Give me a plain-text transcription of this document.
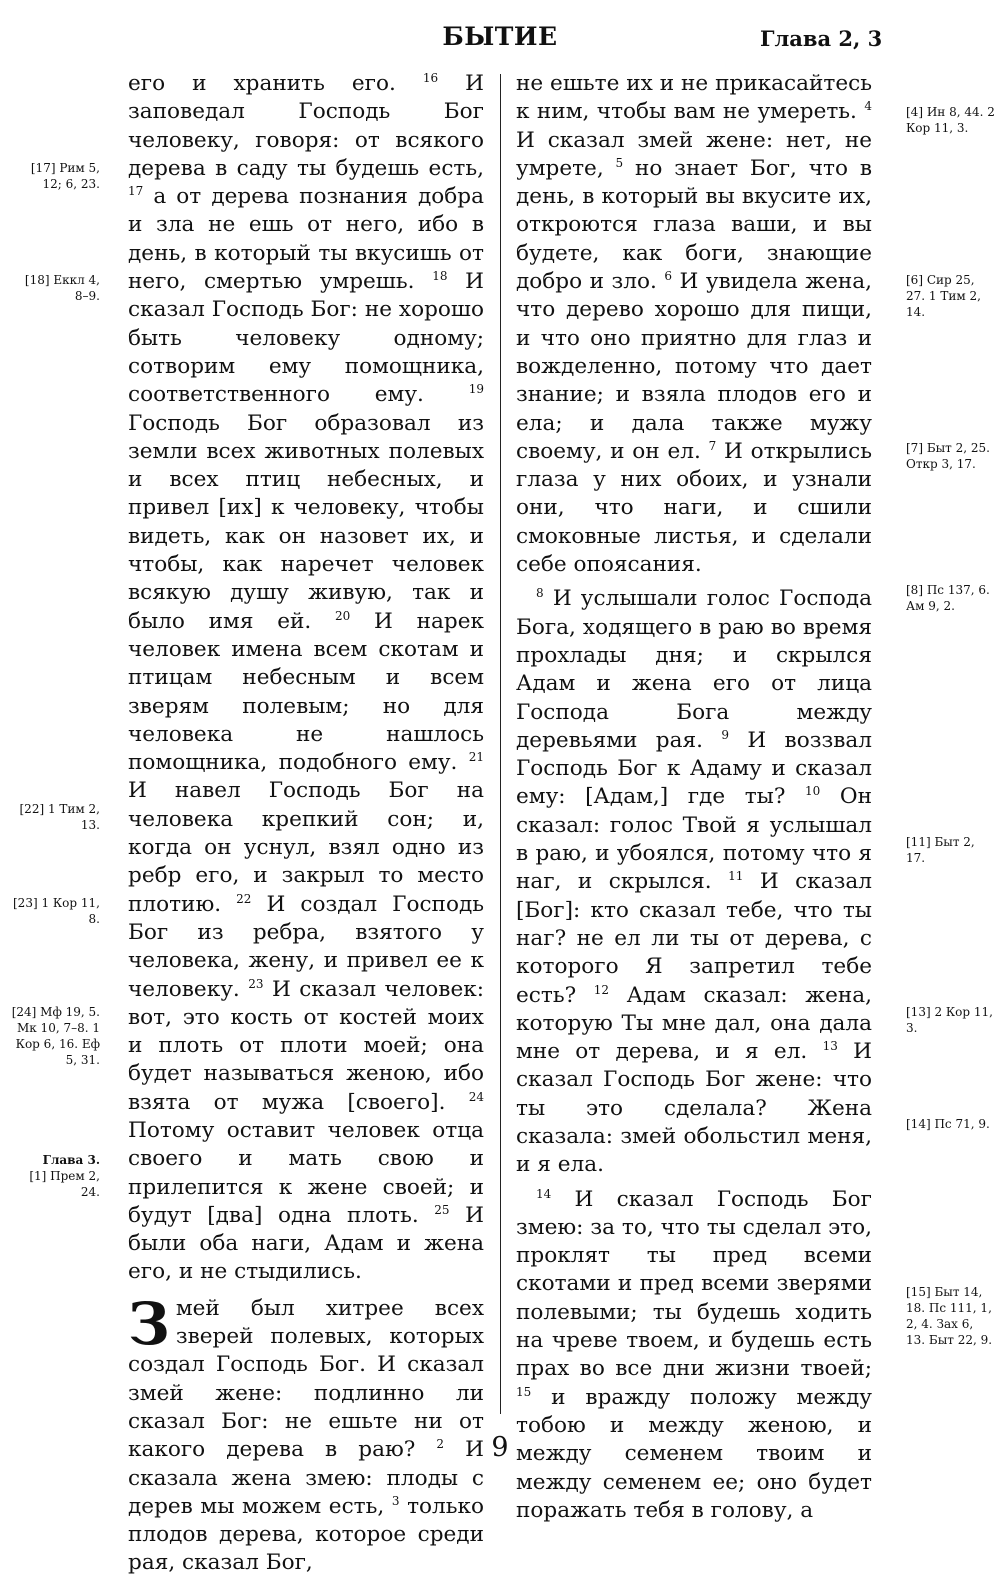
БЫТИЕ	Глава 2, 3
[17] Рим 5, 12; 6, 23.
[18] Еккл 4, 8–9.
[22] 1 Тим 2, 13.
[23] 1 Кор 11, 8.
[24] Мф 19, 5. Мк 10, 7–8. 1 Кор 6, 16. Еф 5, 31.
Глава 3.
[1] Прем 2, 24.

его и хранить его. $^{16}$ И заповедал Господь Бог человеку, говоря: от всякого дерева в саду ты будешь есть, $^{17}$ а от дерева познания добра и зла не ешь от него, ибо в день, в который ты вкусишь от него, смертью умрешь. $^{18}$ И сказал Господь Бог: не хорошо быть человеку одному; сотворим ему помощника, соответственного ему.	$^{19}$ Господь Бог образовал из земли всех животных полевых и всех птиц небесных, и привел [их] к человеку, чтобы видеть, как он назовет их, и чтобы, как наречет человек всякую душу живую, так и было имя ей. $^{20}$ И нарек человек имена всем скотам и птицам небесным и всем зверям полевым; но для человека не нашлось помощника, подобного ему. $^{21}$ И навел Господь Бог на человека крепкий сон; и, когда он уснул, взял одно из ребр его, и закрыл то место плотию. $^{22}$ И создал Господь Бог из ребра, взятого у человека, жену, и привел ее к человеку. $^{23}$ И сказал человек: вот, это кость от костей моих и плоть от плоти моей; она будет называться женою, ибо взята от мужа [своего]. $^{24}$ Потому оставит человек отца своего и мать свою и прилепится к жене своей; и будут [два] одна плоть. $^{25}$ И были оба наги, Адам и жена его, и не стыдились.

З мей был хитрее всех зверей полевых, которых создал Господь Бог. И сказал змей жене: подлинно ли сказал Бог: не ешьте ни от какого дерева в раю? $^2$ И сказала жена змею: плоды с дерев мы можем есть, $^3$ только плодов дерева, которое среди рая, сказал Бог,

не ешьте их и не прикасайтесь к ним, чтобы вам не умереть. $^4$ И сказал змей жене: нет, не умрете, $^5$ но знает Бог, что в день, в который вы вкусите их, откроются глаза ваши, и вы будете, как боги, знающие добро и зло. $^6$ И увидела жена, что дерево хорошо для пищи, и что оно приятно для глаз и вожделенно, потому что дает знание; и взяла плодов его и ела; и дала также мужу своему, и он ел. $^7$ И открылись глаза у них обоих, и узнали они, что наги, и сшили смоковные листья, и сделали себе опоясания.

$^8$ И услышали голос Господа Бога, ходящего в раю во время прохлады дня; и скрылся Адам и жена его от лица Господа Бога между деревьями рая. $^9$ И воззвал Господь Бог к Адаму и сказал ему: [Адам,] где ты? $^{10}$ Он сказал: голос Твой я услышал в раю, и убоялся, потому что я наг, и скрылся. $^{11}$ И сказал [Бог]: кто сказал тебе, что ты наг? не ел ли ты от дерева, с которого Я запретил тебе есть? $^{12}$ Адам сказал: жена, которую Ты мне дал, она дала мне от дерева, и я ел. $^{13}$ И сказал Господь Бог жене: что ты это сделала? Жена сказала: змей обольстил меня, и я ела.

$^{14}$ И сказал Господь Бог змею: за то, что ты сделал это, проклят ты пред всеми скотами и пред всеми зверями полевыми; ты будешь ходить на чреве твоем, и будешь есть прах во все дни жизни твоей; $^{15}$ и вражду положу между тобою и между женою, и между семенем твоим и между семенем ее; оно будет поражать тебя в голову, а

[4] Ин 8, 44. 2 Кор 11, 3.
[6] Сир 25, 27. 1 Тим 2, 14.
[7] Быт 2, 25. Откр 3, 17.
[8] Пс 137, 6. Ам 9, 2.
[11] Быт 2, 17.
[13] 2 Кор 11, 3.
[14] Пс 71, 9.
[15] Быт 14, 18. Пс 111, 1, 2, 4. Зах 6, 13. Быт 22, 9.
9
